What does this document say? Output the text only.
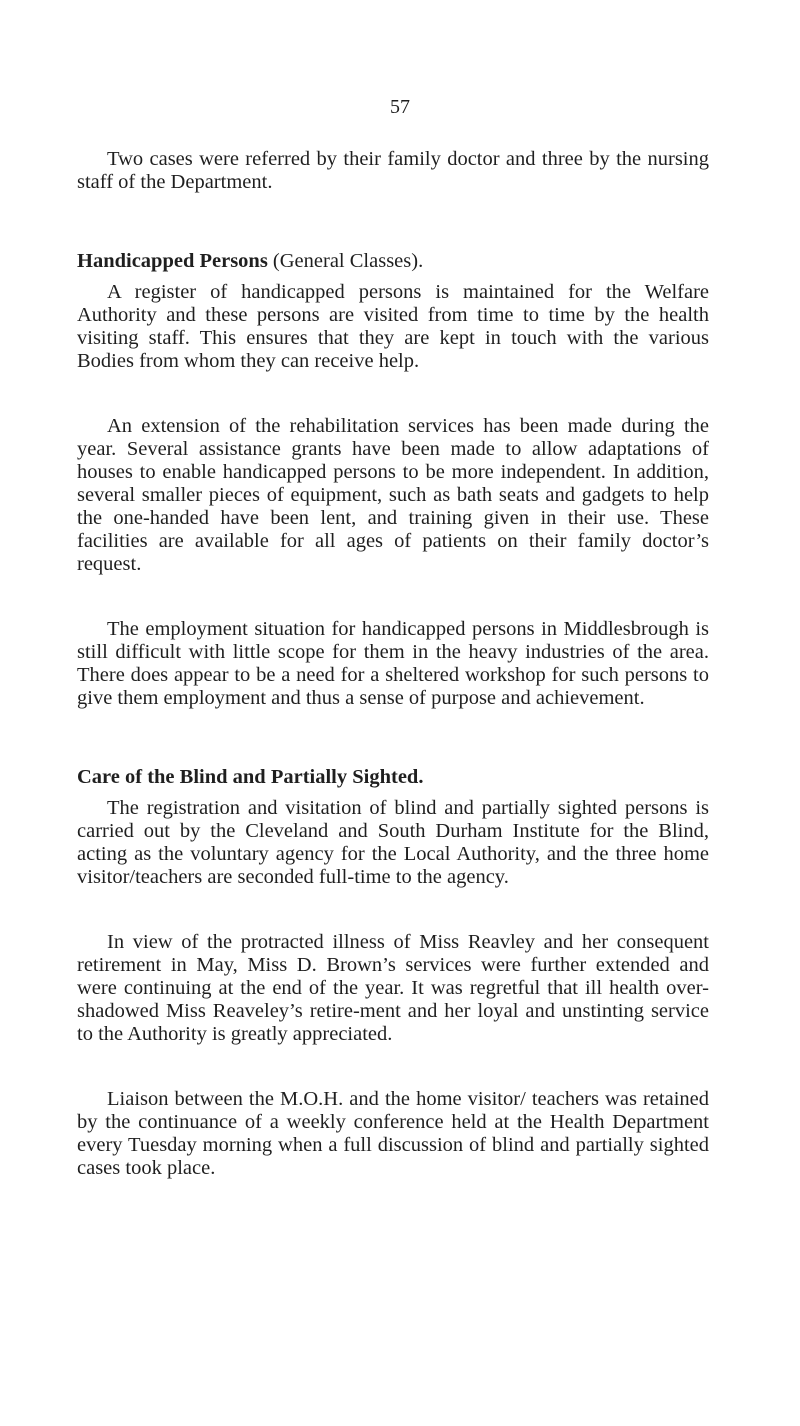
57

Two cases were referred by their family doctor and three by the nursing staff of the Department.

Handicapped Persons (General Classes).

A register of handicapped persons is maintained for the Welfare Authority and these persons are visited from time to time by the health visiting staff. This ensures that they are kept in touch with the various Bodies from whom they can receive help.

An extension of the rehabilitation services has been made during the year. Several assistance grants have been made to allow adaptations of houses to enable handicapped persons to be more independent. In addition, several smaller pieces of equipment, such as bath seats and gadgets to help the one-handed have been lent, and training given in their use. These facilities are available for all ages of patients on their family doctor’s request.

The employment situation for handicapped persons in Middlesbrough is still difficult with little scope for them in the heavy industries of the area. There does appear to be a need for a sheltered workshop for such persons to give them employment and thus a sense of purpose and achievement.

Care of the Blind and Partially Sighted.

The registration and visitation of blind and partially sighted persons is carried out by the Cleveland and South Durham Institute for the Blind, acting as the voluntary agency for the Local Authority, and the three home visitor/teachers are seconded full-time to the agency.

In view of the protracted illness of Miss Reavley and her consequent retirement in May, Miss D. Brown’s services were further extended and were continuing at the end of the year. It was regretful that ill health over-shadowed Miss Reaveley’s retire-ment and her loyal and unstinting service to the Authority is greatly appreciated.

Liaison between the M.O.H. and the home visitor/ teachers was retained by the continuance of a weekly conference held at the Health Department every Tuesday morning when a full discussion of blind and partially sighted cases took place.
